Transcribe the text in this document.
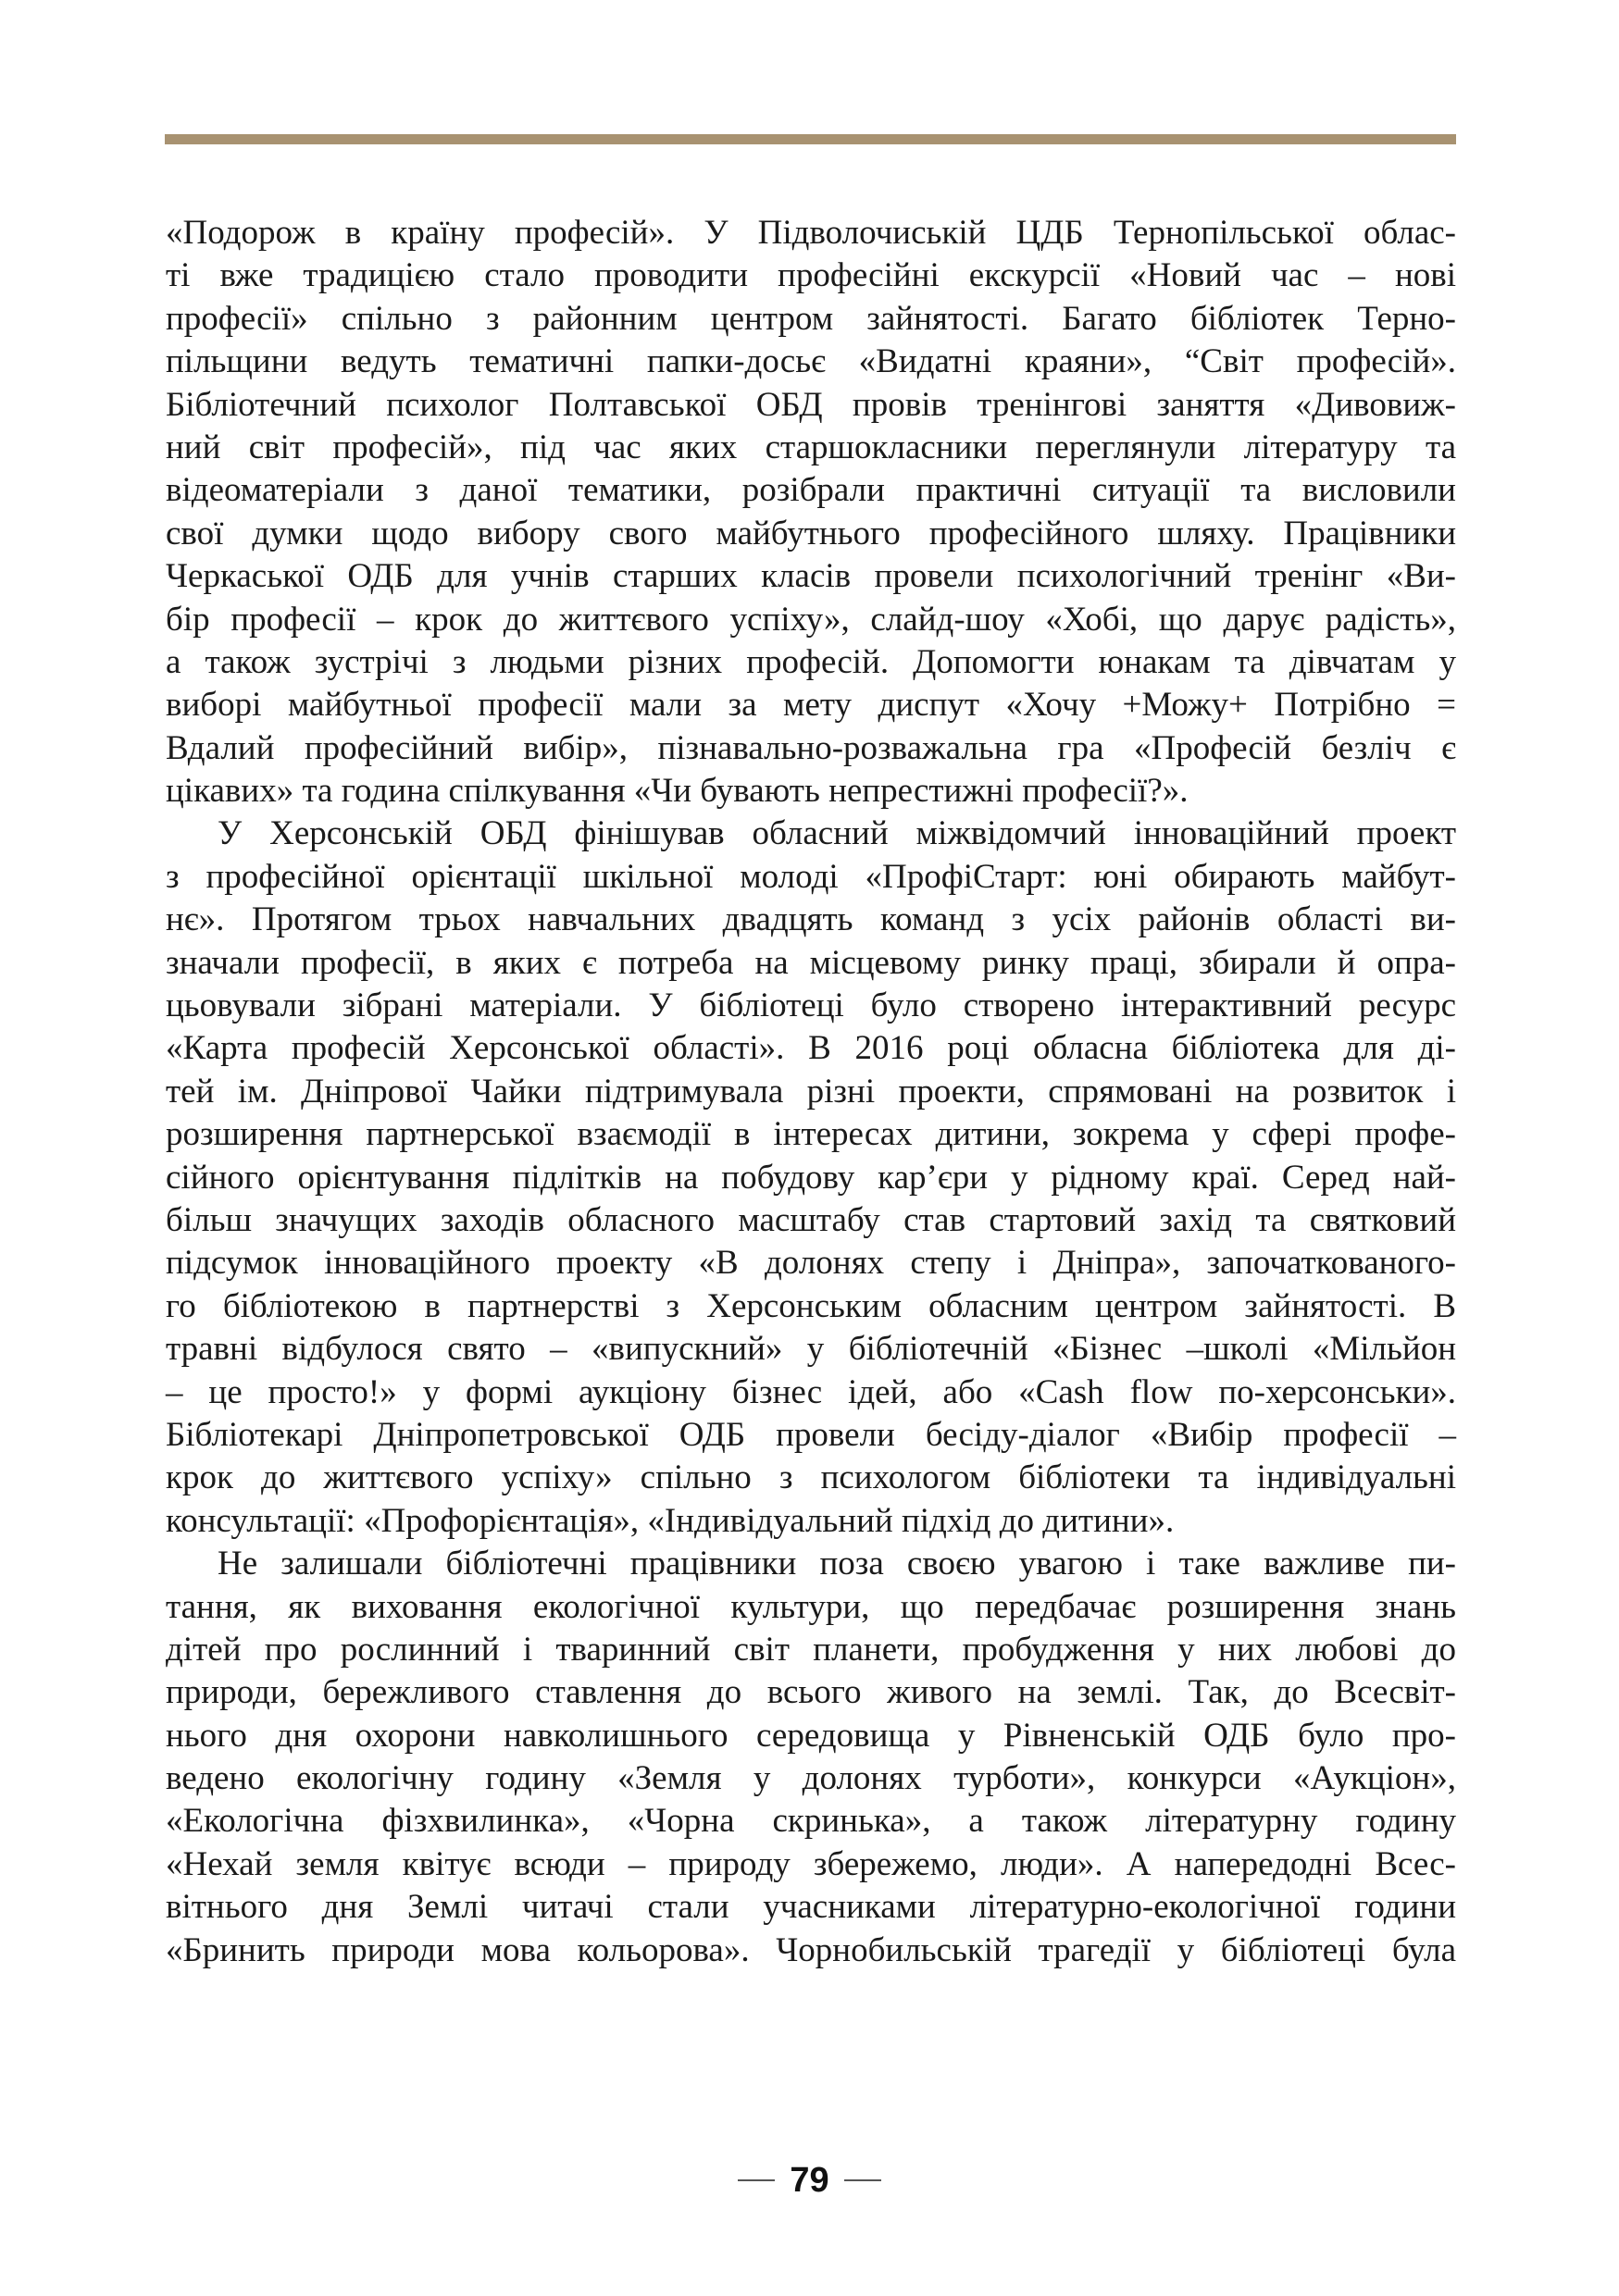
«Подорож в країну професій». У Підволочиській ЦДБ Тернопільської облас-
ті вже традицією стало проводити професійні екскурсії «Новий час – нові
професії» спільно з районним центром зайнятості. Багато бібліотек Терно-
пільщини ведуть тематичні папки-досьє «Видатні краяни», “Світ професій».
Бібліотечний психолог Полтавської ОБД провів тренінгові заняття «Дивовиж-
ний світ професій», під час яких старшокласники переглянули літературу та
відеоматеріали з даної тематики, розібрали практичні ситуації та висловили
свої думки щодо вибору свого майбутнього професійного шляху. Працівники
Черкаської ОДБ для учнів старших класів провели психологічний тренінг «Ви-
бір професії – крок до життєвого успіху», слайд-шоу «Хобі, що дарує радість»,
а також зустрічі з людьми різних професій. Допомогти юнакам та дівчатам у
виборі майбутньої професії мали за мету диспут «Хочу +Можу+ Потрібно =
Вдалий професійний вибір», пізнавально-розважальна гра «Професій безліч є
цікавих» та година спілкування «Чи бувають непрестижні професії?».

У Херсонській ОБД фінішував обласний міжвідомчий інноваційний проект
з професійної орієнтації шкільної молоді «ПрофіСтарт: юні обирають майбут-
нє». Протягом трьох навчальних двадцять команд з усіх районів області ви-
значали професії, в яких є потреба на місцевому ринку праці, збирали й опра-
цьовували зібрані матеріали. У бібліотеці було створено інтерактивний ресурс
«Карта професій Херсонської області». В 2016 році обласна бібліотека для ді-
тей ім. Дніпрової Чайки підтримувала різні проекти, спрямовані на розвиток і
розширення партнерської взаємодії в інтересах дитини, зокрема у сфері профе-
сійного орієнтування підлітків на побудову кар’єри у рідному краї. Серед най-
більш значущих заходів обласного масштабу став стартовий захід та святковий
підсумок інноваційного проекту «В долонях степу і Дніпра», започаткованого-
го бібліотекою в партнерстві з Херсонським обласним центром зайнятості. В
травні відбулося свято – «випускний» у бібліотечній «Бізнес –школі «Мільйон
– це просто!» у формі аукціону бізнес ідей, або «Cash flow по-херсонськи».
Бібліотекарі Дніпропетровської ОДБ провели бесіду-діалог «Вибір професії –
крок до життєвого успіху» спільно з психологом бібліотеки та індивідуальні
консультації: «Профорієнтація», «Індивідуальний підхід до дитини».

Не залишали бібліотечні працівники поза своєю увагою і таке важливе пи-
тання, як виховання екологічної культури, що передбачає розширення знань
дітей про рослинний і тваринний світ планети, пробудження у них любові до
природи, бережливого ставлення до всього живого на землі. Так, до Всесвіт-
нього дня охорони навколишнього середовища у Рівненській ОДБ було про-
ведено екологічну годину «Земля у долонях турботи», конкурси «Аукціон»,
«Екологічна фізхвилинка», «Чорна скринька», а також літературну годину
«Нехай земля квітує всюди – природу збережемо, люди». А напередодні Всес-
вітнього дня Землі читачі стали учасниками літературно-екологічної години
«Бринить природи мова кольорова». Чорнобильській трагедії у бібліотеці була

79
